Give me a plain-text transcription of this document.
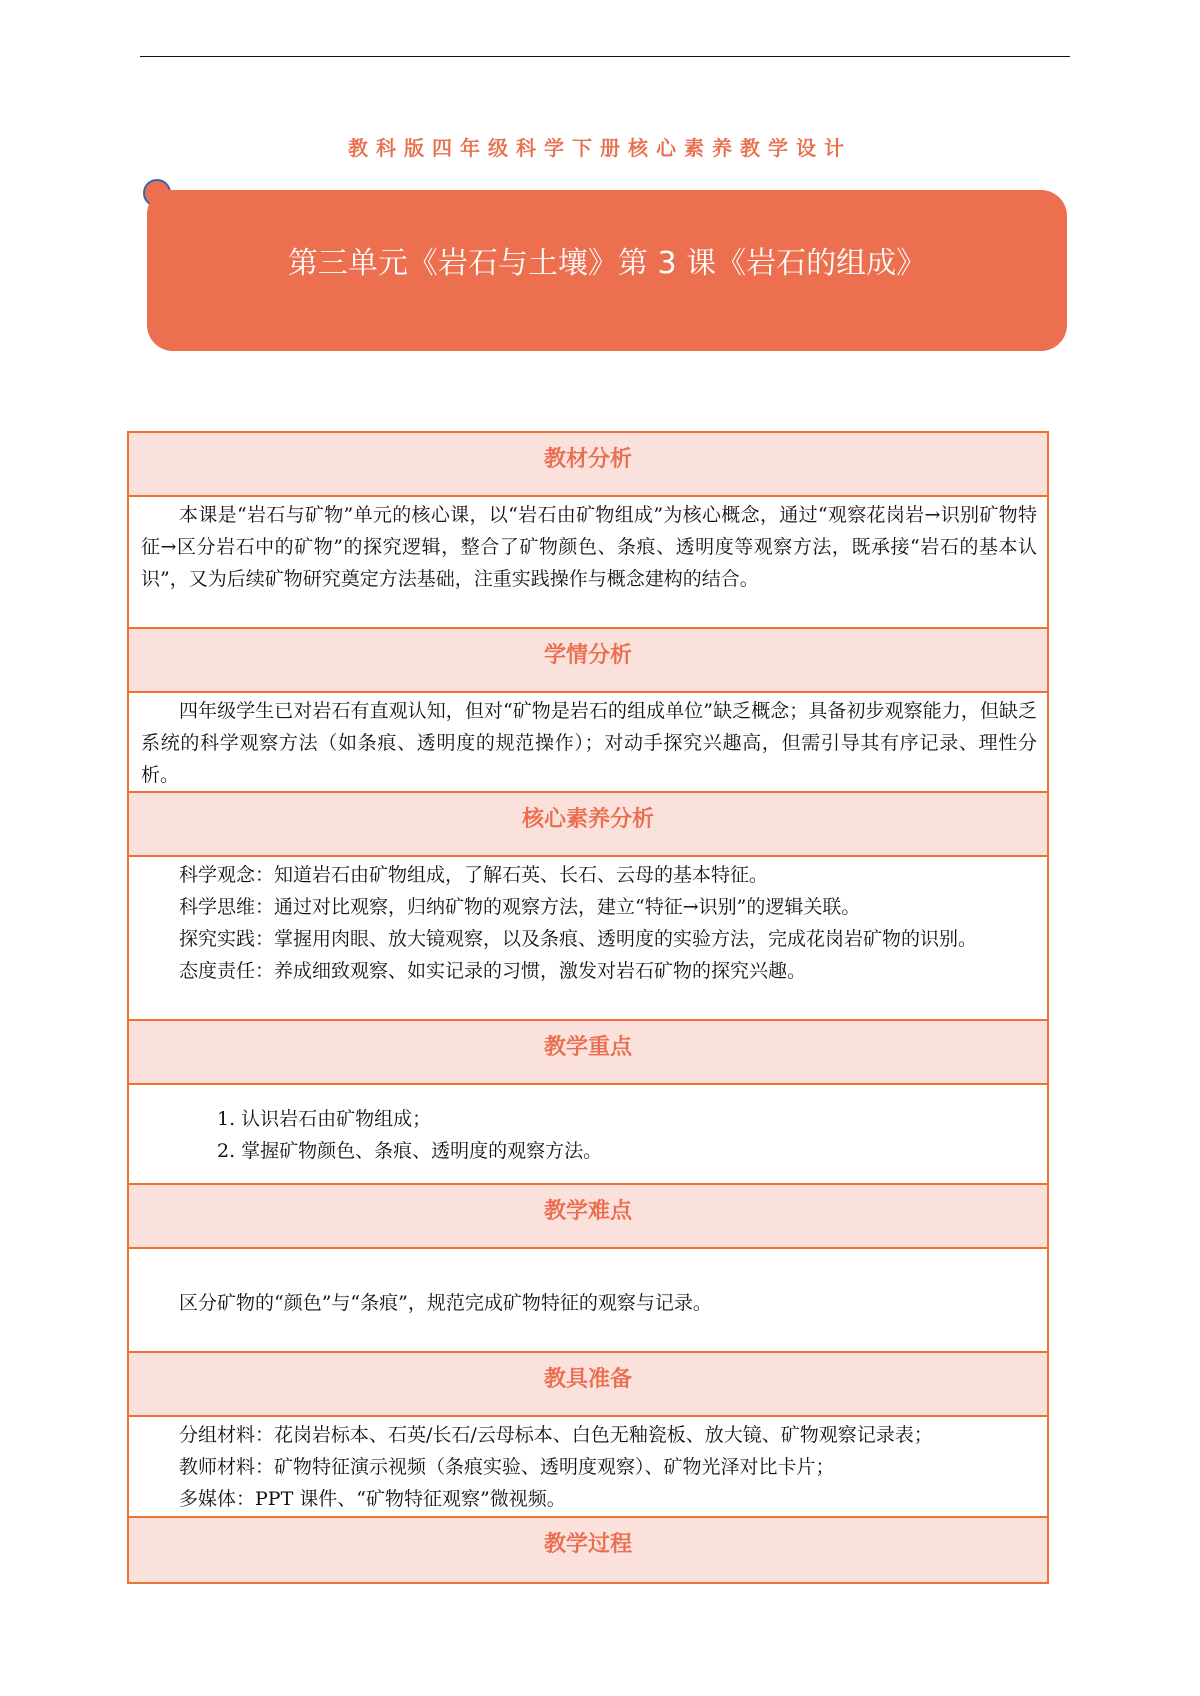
教科版四年级科学下册核心素养教学设计
第三单元《岩石与土壤》第 3 课《岩石的组成》
教材分析

本课是“岩石与矿物”单元的核心课，以“岩石由矿物组成”为核心概念，通过“观察花岗岩→识别矿物特征→区分岩石中的矿物”的探究逻辑，整合了矿物颜色、条痕、透明度等观察方法，既承接“岩石的基本认识”，又为后续矿物研究奠定方法基础，注重实践操作与概念建构的结合。

学情分析

四年级学生已对岩石有直观认知，但对“矿物是岩石的组成单位”缺乏概念；具备初步观察能力，但缺乏系统的科学观察方法（如条痕、透明度的规范操作）；对动手探究兴趣高，但需引导其有序记录、理性分析。

核心素养分析

科学观念：知道岩石由矿物组成，了解石英、长石、云母的基本特征。

科学思维：通过对比观察，归纳矿物的观察方法，建立“特征→识别”的逻辑关联。

探究实践：掌握用肉眼、放大镜观察，以及条痕、透明度的实验方法，完成花岗岩矿物的识别。

态度责任：养成细致观察、如实记录的习惯，激发对岩石矿物的探究兴趣。

教学重点

1. 认识岩石由矿物组成；

2. 掌握矿物颜色、条痕、透明度的观察方法。

教学难点

区分矿物的“颜色”与“条痕”，规范完成矿物特征的观察与记录。

教具准备

分组材料：花岗岩标本、石英/长石/云母标本、白色无釉瓷板、放大镜、矿物观察记录表；

教师材料：矿物特征演示视频（条痕实验、透明度观察）、矿物光泽对比卡片；

多媒体：PPT 课件、“矿物特征观察”微视频。

教学过程
